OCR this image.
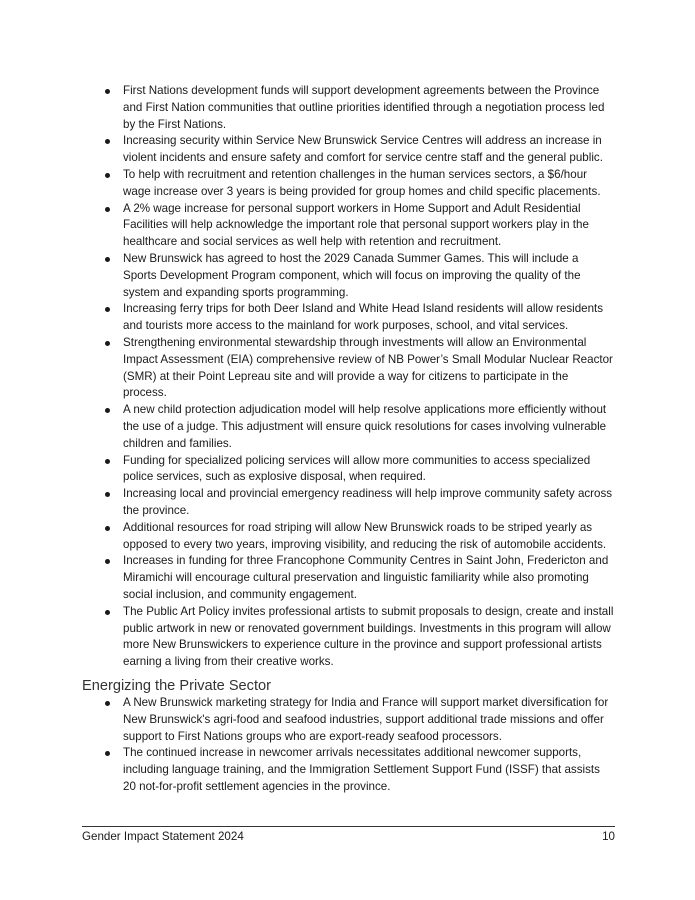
First Nations development funds will support development agreements between the Province and First Nation communities that outline priorities identified through a negotiation process led by the First Nations.
Increasing security within Service New Brunswick Service Centres will address an increase in violent incidents and ensure safety and comfort for service centre staff and the general public.
To help with recruitment and retention challenges in the human services sectors, a $6/hour wage increase over 3 years is being provided for group homes and child specific placements.
A 2% wage increase for personal support workers in Home Support and Adult Residential Facilities will help acknowledge the important role that personal support workers play in the healthcare and social services as well help with retention and recruitment.
New Brunswick has agreed to host the 2029 Canada Summer Games. This will include a Sports Development Program component, which will focus on improving the quality of the system and expanding sports programming.
Increasing ferry trips for both Deer Island and White Head Island residents will allow residents and tourists more access to the mainland for work purposes, school, and vital services.
Strengthening environmental stewardship through investments will allow an Environmental Impact Assessment (EIA) comprehensive review of NB Power’s Small Modular Nuclear Reactor (SMR) at their Point Lepreau site and will provide a way for citizens to participate in the process.
A new child protection adjudication model will help resolve applications more efficiently without the use of a judge. This adjustment will ensure quick resolutions for cases involving vulnerable children and families.
Funding for specialized policing services will allow more communities to access specialized police services, such as explosive disposal, when required.
Increasing local and provincial emergency readiness will help improve community safety across the province.
Additional resources for road striping will allow New Brunswick roads to be striped yearly as opposed to every two years, improving visibility, and reducing the risk of automobile accidents.
Increases in funding for three Francophone Community Centres in Saint John, Fredericton and Miramichi will encourage cultural preservation and linguistic familiarity while also promoting social inclusion, and community engagement.
The Public Art Policy invites professional artists to submit proposals to design, create and install public artwork in new or renovated government buildings. Investments in this program will allow more New Brunswickers to experience culture in the province and support professional artists earning a living from their creative works.
Energizing the Private Sector
A New Brunswick marketing strategy for India and France will support market diversification for New Brunswick's agri-food and seafood industries, support additional trade missions and offer support to First Nations groups who are export-ready seafood processors.
The continued increase in newcomer arrivals necessitates additional newcomer supports, including language training, and the Immigration Settlement Support Fund (ISSF) that assists 20 not-for-profit settlement agencies in the province.
Gender Impact Statement 2024	10
